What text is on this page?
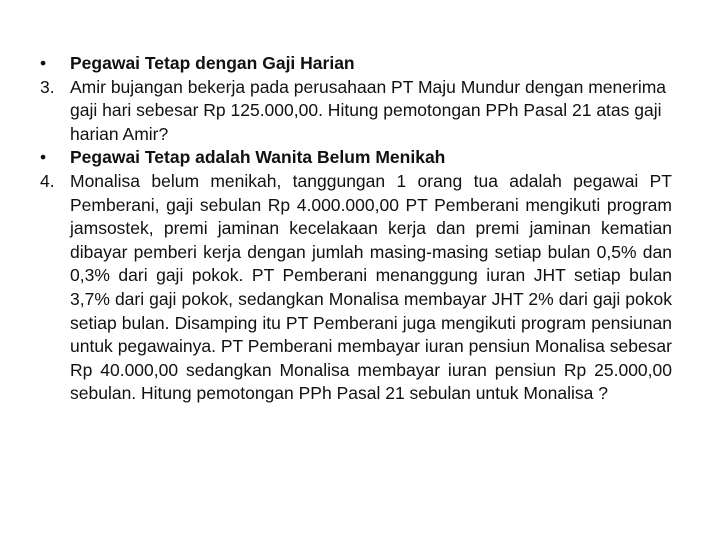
•	Pegawai Tetap dengan Gaji Harian
3. Amir bujangan bekerja pada perusahaan PT Maju Mundur dengan menerima gaji hari sebesar Rp 125.000,00. Hitung pemotongan PPh Pasal 21 atas gaji harian Amir?
•	Pegawai Tetap adalah Wanita Belum Menikah
4. Monalisa belum menikah, tanggungan 1 orang tua adalah pegawai PT Pemberani, gaji sebulan Rp 4.000.000,00 PT Pemberani mengikuti program jamsostek, premi jaminan kecelakaan kerja dan premi jaminan kematian dibayar pemberi kerja dengan jumlah masing-masing setiap bulan 0,5% dan 0,3% dari gaji pokok. PT Pemberani menanggung iuran JHT setiap bulan 3,7% dari gaji pokok, sedangkan Monalisa membayar JHT 2% dari gaji pokok setiap bulan. Disamping itu PT Pemberani juga mengikuti program pensiunan untuk pegawainya. PT Pemberani membayar iuran pensiun Monalisa sebesar Rp 40.000,00 sedangkan Monalisa membayar iuran pensiun Rp 25.000,00 sebulan. Hitung pemotongan PPh Pasal 21 sebulan untuk Monalisa ?
